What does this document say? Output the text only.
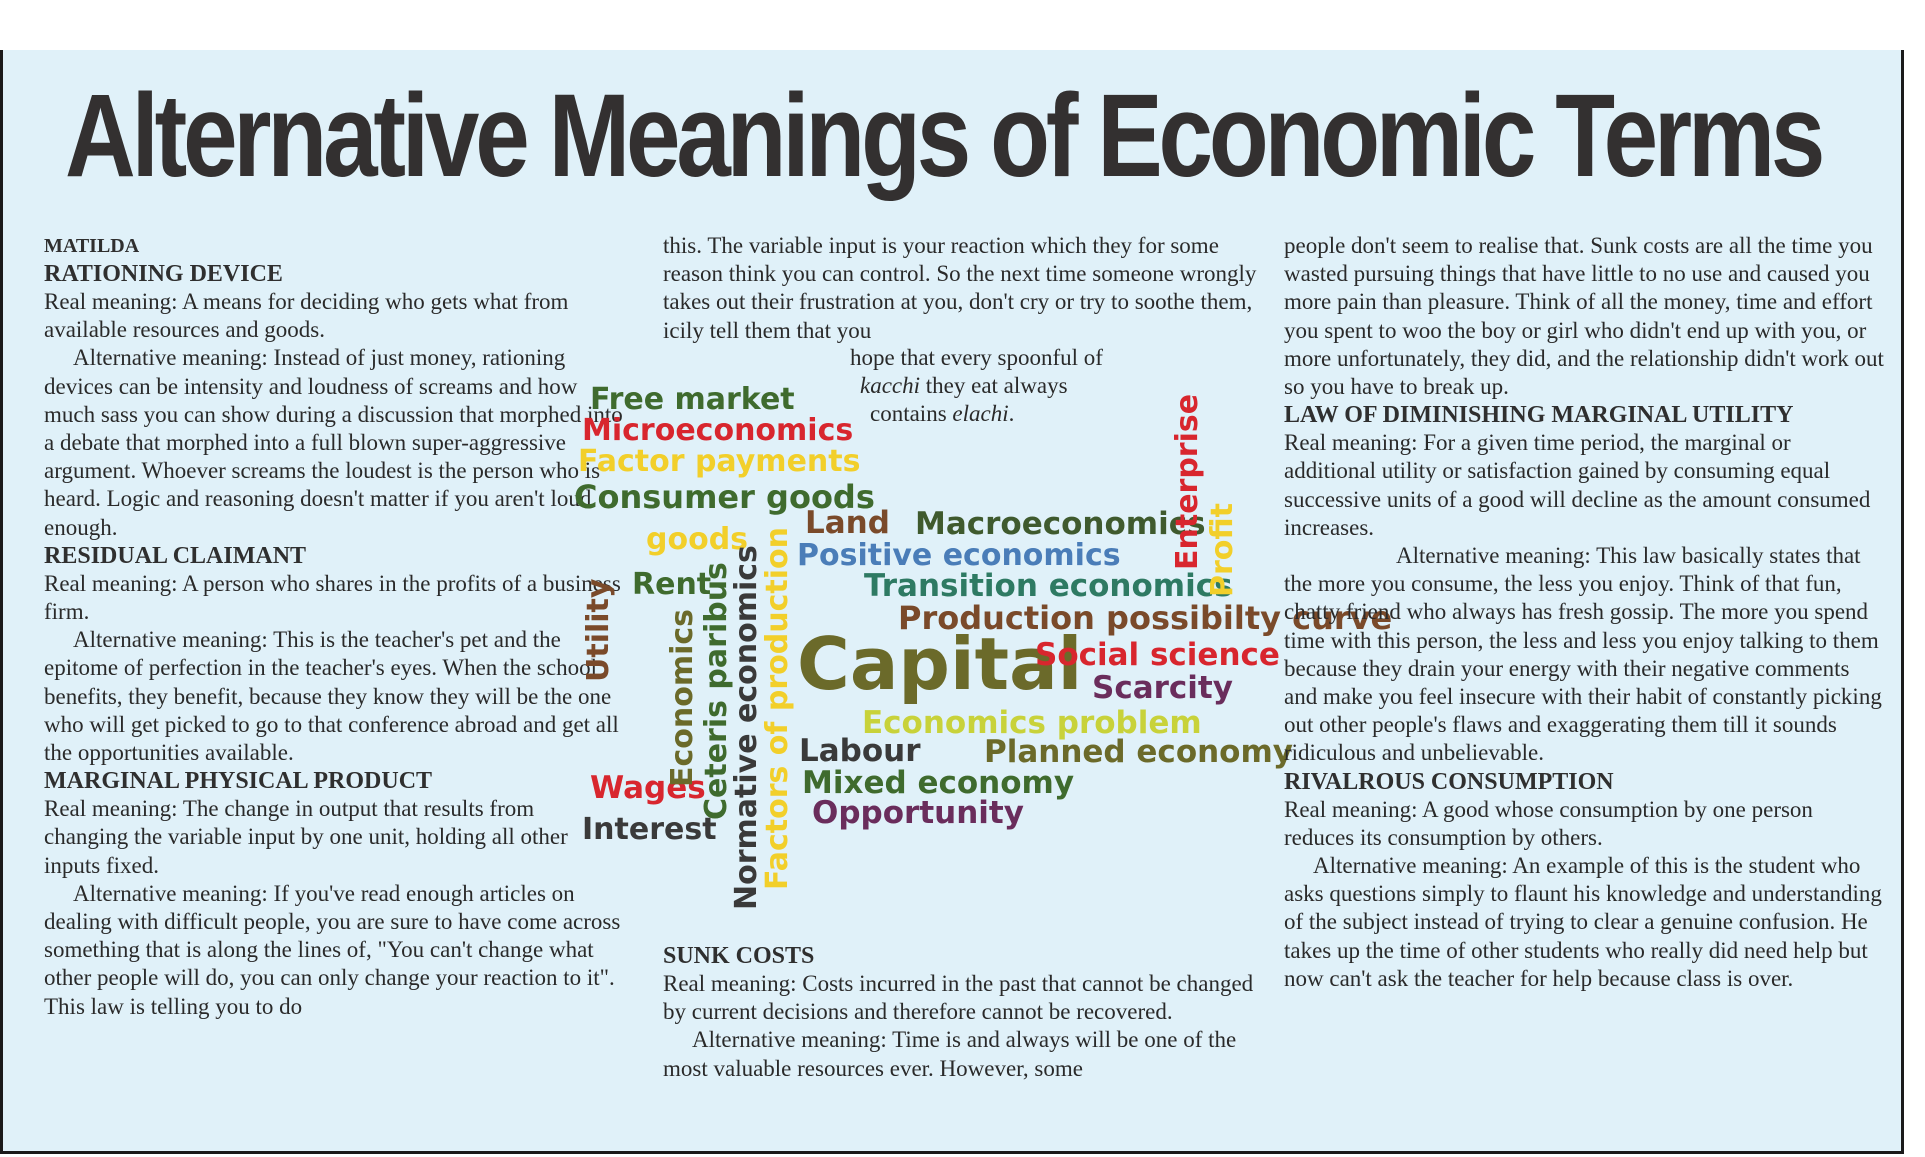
Alternative Meanings of Economic Terms

MATILDA

RATIONING DEVICE

Real meaning: A means for deciding who gets what from available resources and goods.

Alternative meaning: Instead of just money, rationing devices can be intensity and loudness of screams and how much sass you can show during a discussion that morphed into a debate that morphed into a full blown super-aggressive argument. Whoever screams the loudest is the person who is heard. Logic and reasoning doesn't matter if you aren't loud enough.

RESIDUAL CLAIMANT

Real meaning: A person who shares in the profits of a business firm.

Alternative meaning: This is the teacher's pet and the epitome of perfection in the teacher's eyes. When the school benefits, they benefit, because they know they will be the one who will get picked to go to that conference abroad and get all the opportunities available.

MARGINAL PHYSICAL PRODUCT

Real meaning: The change in output that results from changing the variable input by one unit, holding all other inputs fixed.

Alternative meaning: If you've read enough articles on dealing with difficult people, you are sure to have come across something that is along the lines of, "You can't change what other people will do, you can only change your reaction to it". This law is telling you to do

this. The variable input is your reaction which they for some reason think you can control. So the next time someone wrongly takes out their frustration at you, don't cry or try to soothe them, icily tell them that you

hope that every spoonful of

kacchi they eat always

contains elachi.

Free market
Microeconomics
Factor payments
Consumer goods
goods Land Macroeconomics
Positive economics
Transition economics
Production possibilty curve
Capital
Social science
Scarcity
Economics problem
Labour Planned economy
Mixed economy
Opportunity
Wages
Interest
Rent
Utility Economics Ceteris paribus
Normative economics
Factors of production
Enterprise Profit

SUNK COSTS

Real meaning: Costs incurred in the past that cannot be changed by current decisions and therefore cannot be recovered.

Alternative meaning: Time is and always will be one of the most valuable resources ever. However, some

people don't seem to realise that. Sunk costs are all the time you wasted pursuing things that have little to no use and caused you more pain than pleasure. Think of all the money, time and effort you spent to woo the boy or girl who didn't end up with you, or more unfortunately, they did, and the relationship didn't work out so you have to break up.

LAW OF DIMINISHING MARGINAL UTILITY

Real meaning: For a given time period, the marginal or additional utility or satisfaction gained by consuming equal successive units of a good will decline as the amount consumed increases.

Alternative meaning: This law basically states that the more you consume, the less you enjoy. Think of that fun, chatty friend who always has fresh gossip. The more you spend time with this person, the less and less you enjoy talking to them because they drain your energy with their negative comments and make you feel insecure with their habit of constantly picking out other people's flaws and exaggerating them till it sounds ridiculous and unbelievable.

RIVALROUS CONSUMPTION

Real meaning: A good whose consumption by one person reduces its consumption by others.

Alternative meaning: An example of this is the student who asks questions simply to flaunt his knowledge and understanding of the subject instead of trying to clear a genuine confusion. He takes up the time of other students who really did need help but now can't ask the teacher for help because class is over.
